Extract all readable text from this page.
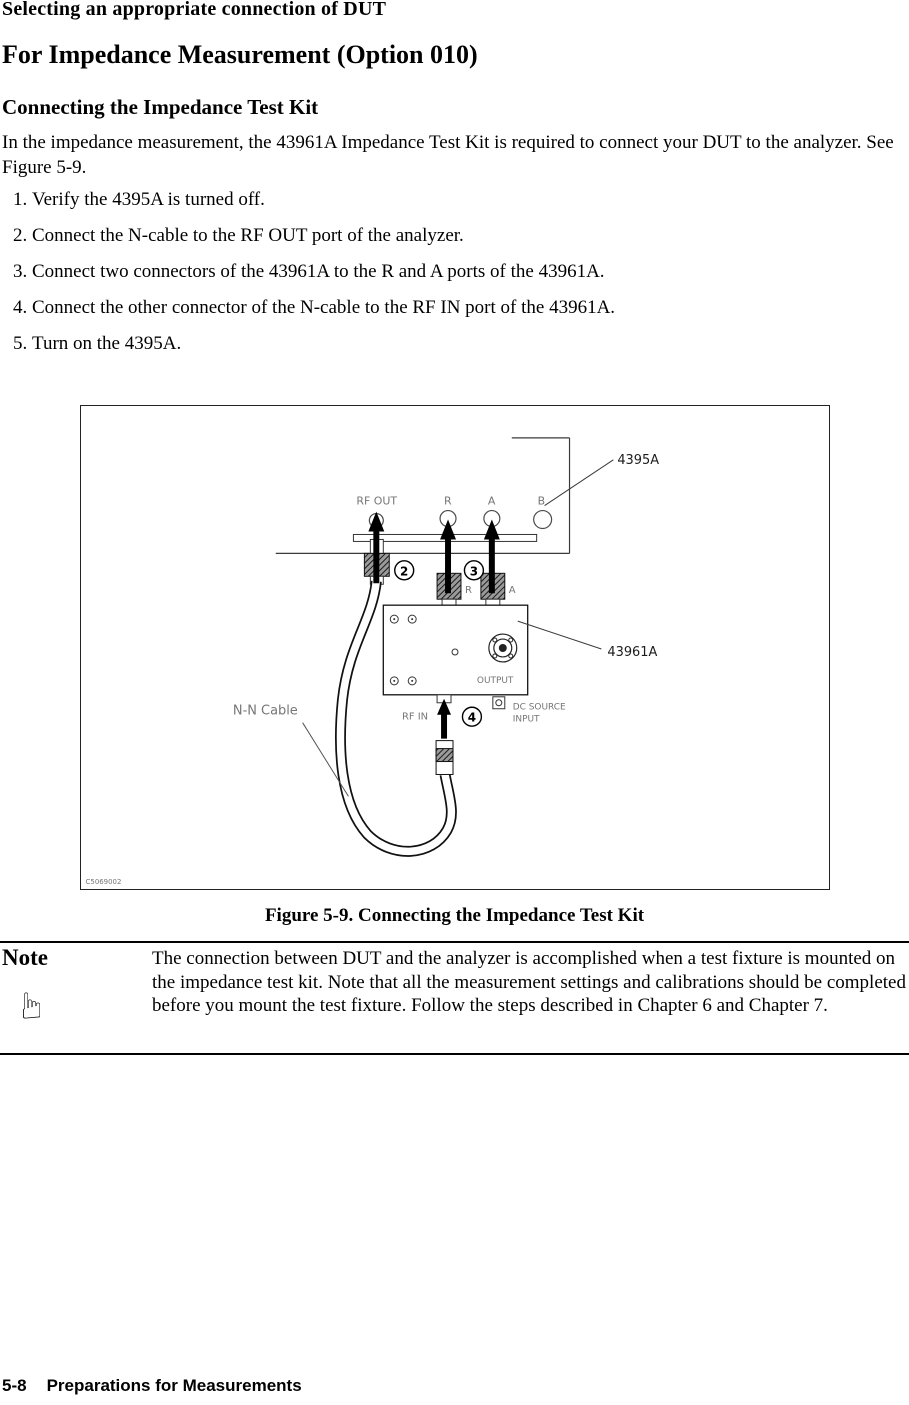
Selecting an appropriate connection of DUT
For Impedance Measurement (Option 010)
Connecting the Impedance Test Kit
In the impedance measurement, the 43961A Impedance Test Kit is required to connect your DUT to the analyzer. See Figure 5-9.
1. Verify the 4395A is turned off.
2. Connect the N-cable to the RF OUT port of the analyzer.
3. Connect two connectors of the 43961A to the R and A ports of the 43961A.
4. Connect the other connector of the N-cable to the RF IN port of the 43961A.
5. Turn on the 4395A.
4395A
RF OUT	R	A	B
R	A
N-N Cable
2	3
OUTPUT
43961A
RF IN	4
DC SOURCE
INPUT
C5069002
Figure 5-9. Connecting the Impedance Test Kit
Note
☞
The connection between DUT and the analyzer is accomplished when a test fixture is mounted on the impedance test kit. Note that all the measurement settings and calibrations should be completed before you mount the test fixture. Follow the steps described in Chapter 6 and Chapter 7.
5-8 Preparations for Measurements
